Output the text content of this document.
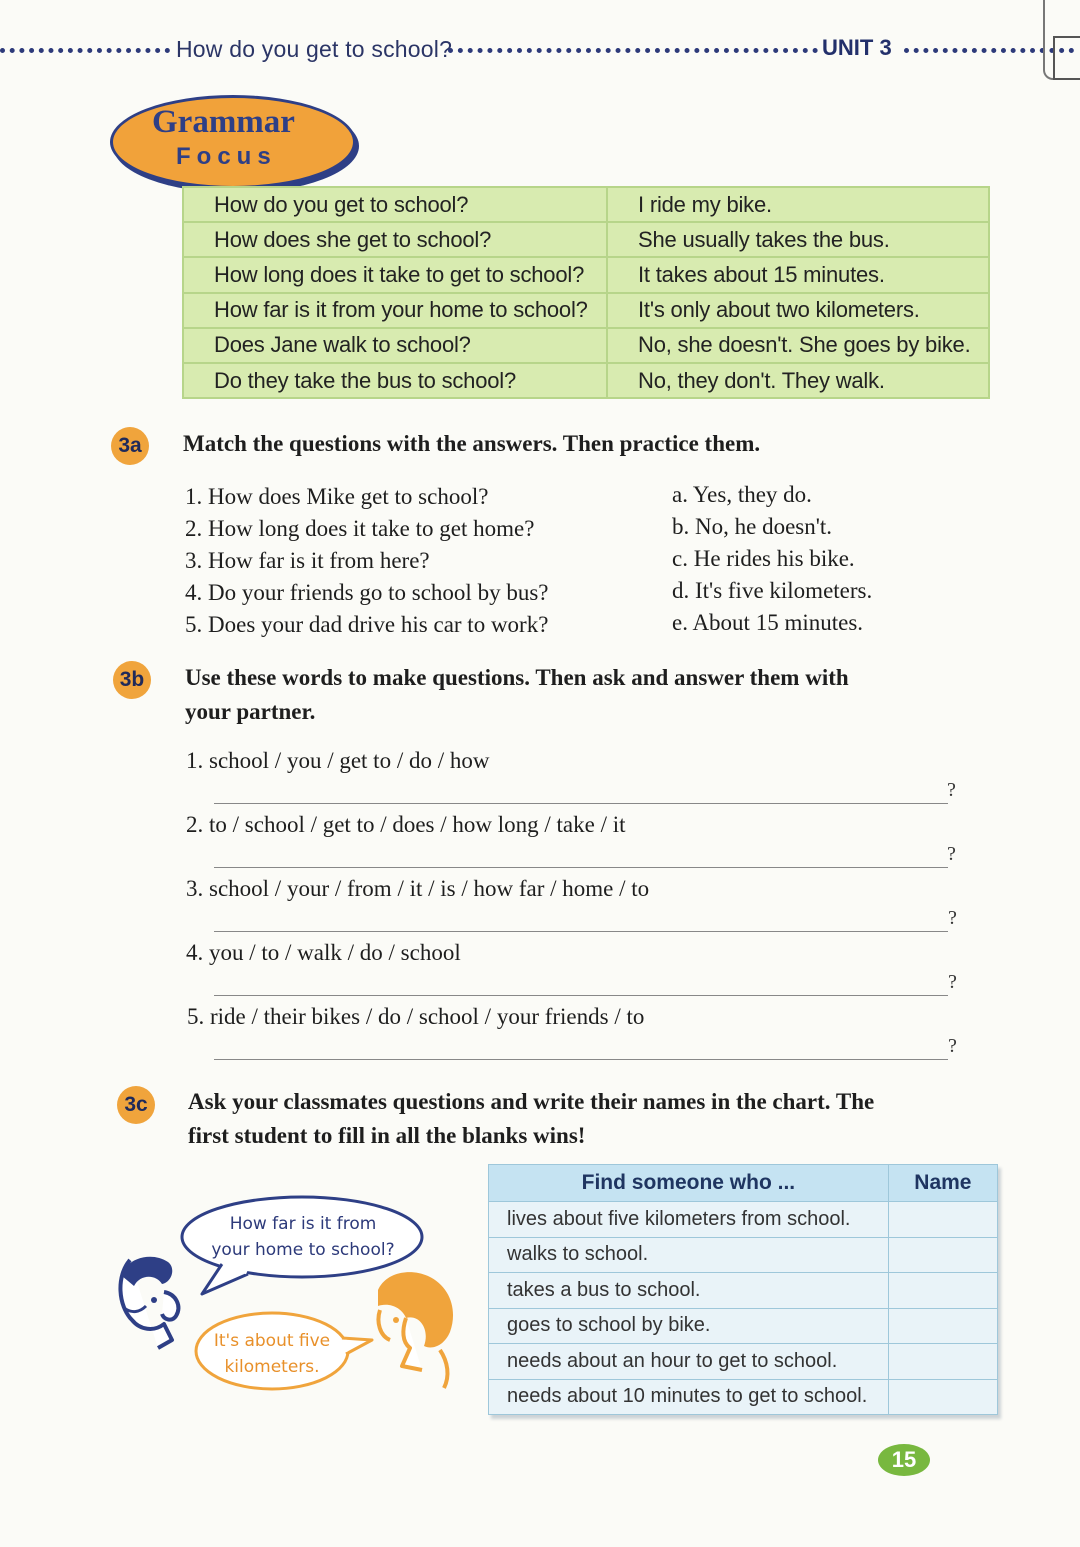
How do you get to school?	UNIT 3
Grammar
Focus
How do you get to school?	I ride my bike.
How does she get to school?	She usually takes the bus.
How long does it take to get to school?	It takes about 15 minutes.
How far is it from your home to school?	It's only about two kilometers.
Does Jane walk to school?	No, she doesn't. She goes by bike.
Do they take the bus to school?	No, they don't. They walk.
3a	Match the questions with the answers. Then practice them.
1. How does Mike get to school?
2. How long does it take to get home?
3. How far is it from here?
4. Do your friends go to school by bus?
5. Does your dad drive his car to work?
a. Yes, they do.
b. No, he doesn't.
c. He rides his bike.
d. It's five kilometers.
e. About 15 minutes.
3b Use these words to make questions. Then ask and answer them with
your partner.
1. school / you / get to / do / how
?
2. to / school / get to / does / how long / take / it
?
3. school / your / from / it / is / how far / home / to
?
4. you / to / walk / do / school
?
5. ride / their bikes / do / school / your friends / to
?
3c	Ask your classmates questions and write their names in the chart. The
first student to fill in all the blanks wins!
How far is it from
your home to school?
It's about five
kilometers.
Find someone who ...	Name
lives about five kilometers from school.	
walks to school.	
takes a bus to school.	
goes to school by bike.	
needs about an hour to get to school.	
needs about 10 minutes to get to school.	
15
